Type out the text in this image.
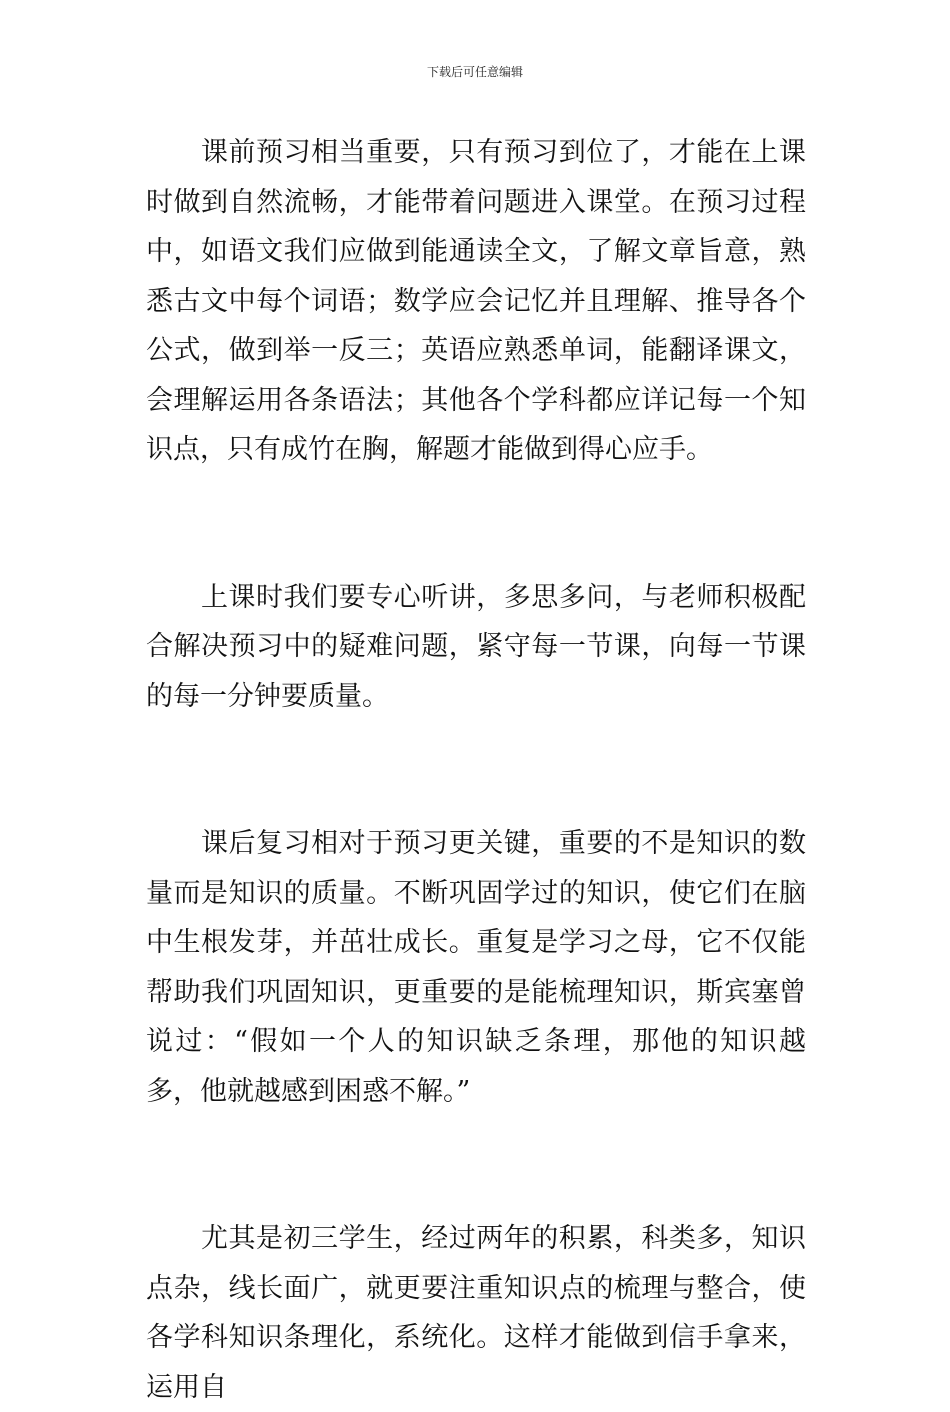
下载后可任意编辑

课前预习相当重要，只有预习到位了，才能在上课时做到自然流畅，才能带着问题进入课堂。在预习过程中，如语文我们应做到能通读全文，了解文章旨意，熟悉古文中每个词语；数学应会记忆并且理解、推导各个公式，做到举一反三；英语应熟悉单词，能翻译课文，会理解运用各条语法；其他各个学科都应详记每一个知识点，只有成竹在胸，解题才能做到得心应手。

上课时我们要专心听讲，多思多问，与老师积极配合解决预习中的疑难问题，紧守每一节课，向每一节课的每一分钟要质量。

课后复习相对于预习更关键，重要的不是知识的数量而是知识的质量。不断巩固学过的知识，使它们在脑中生根发芽，并茁壮成长。重复是学习之母，它不仅能帮助我们巩固知识，更重要的是能梳理知识，斯宾塞曾说过：“假如一个人的知识缺乏条理，那他的知识越多，他就越感到困惑不解。”

尤其是初三学生，经过两年的积累，科类多，知识点杂，线长面广，就更要注重知识点的梳理与整合，使各学科知识条理化，系统化。这样才能做到信手拿来，运用自
